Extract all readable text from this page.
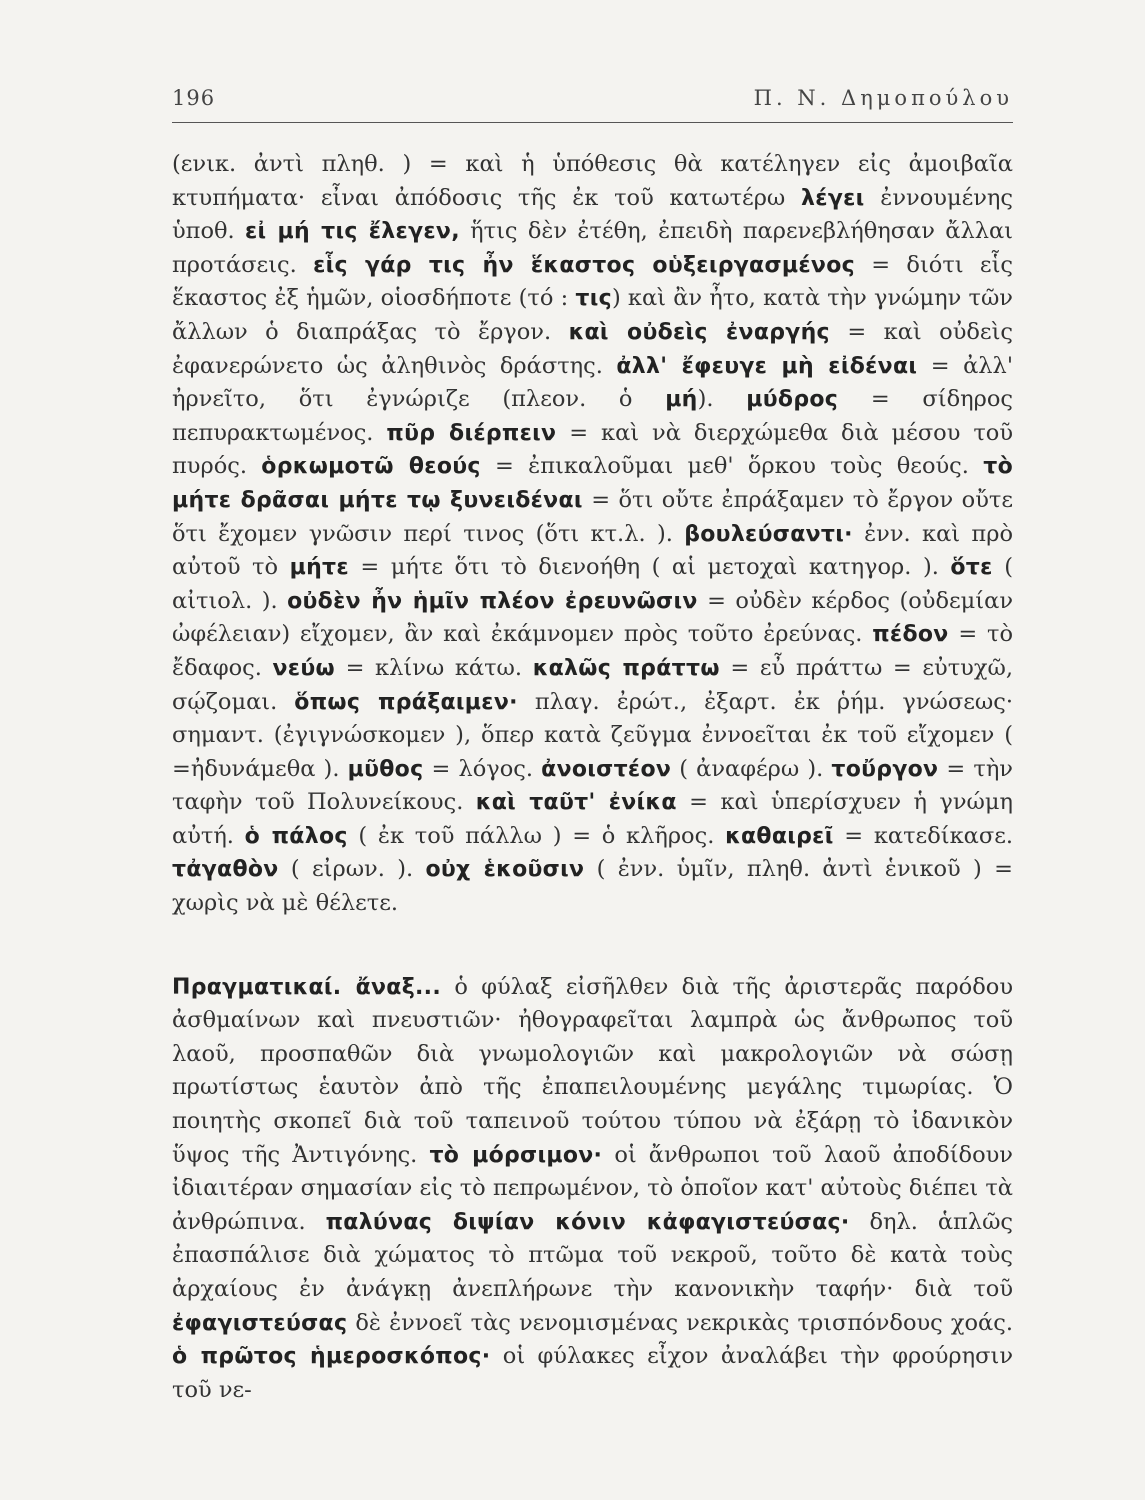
196	Π. Ν. Δημοπούλου

(ενικ. ἀντὶ πληθ. ) = καὶ ἡ ὑπόθεσις θὰ κατέληγεν εἰς ἀμοιβαῖα κτυπήματα· εἶναι ἀπόδοσις τῆς ἐκ τοῦ κατωτέρω λέγει ἐννουμένης ὑποθ. εἰ μή τις ἔλεγεν, ἥτις δὲν ἐτέθη, ἐπειδὴ παρενεβλήθησαν ἄλλαι προτάσεις. εἷς γάρ τις ἦν ἕκαστος οὑξειργασμένος = διότι εἷς ἕκαστος ἐξ ἡμῶν, οἱοσδήποτε (τό : τις) καὶ ἂν ἦτο, κατὰ τὴν γνώμην τῶν ἄλλων ὁ διαπράξας τὸ ἔργον. καὶ οὐδεὶς ἐναργής = καὶ οὐδεὶς ἐφανερώνετο ὡς ἀληθινὸς δράστης. ἀλλ' ἔφευγε μὴ εἰδέναι = ἀλλ' ἠρνεῖτο, ὅτι ἐγνώριζε (πλεον. ὁ μή). μύδρος = σίδηρος πεπυρακτωμένος. πῦρ διέρπειν = καὶ νὰ διερχώμεθα διὰ μέσου τοῦ πυρός. ὁρκωμοτῶ θεούς = ἐπικαλοῦμαι μεθ' ὅρκου τοὺς θεούς. τὸ μήτε δρᾶσαι μήτε τῳ ξυνειδέναι = ὅτι οὔτε ἐπράξαμεν τὸ ἔργον οὔτε ὅτι ἔχομεν γνῶσιν περί τινος (ὅτι κτ.λ. ). βουλεύσαντι· ἐνν. καὶ πρὸ αὐτοῦ τὸ μήτε = μήτε ὅτι τὸ διενοήθη ( αἱ μετοχαὶ κατηγορ. ). ὅτε ( αἰτιολ. ). οὐδὲν ἦν ἡμῖν πλέον ἐρευνῶσιν = οὐδὲν κέρδος (οὐδεμίαν ὠφέλειαν) εἴχομεν, ἂν καὶ ἐκάμνομεν πρὸς τοῦτο ἐρεύνας. πέδον = τὸ ἔδαφος. νεύω = κλίνω κάτω. καλῶς πράττω = εὖ πράττω = εὐτυχῶ, σῴζομαι. ὅπως πράξαιμεν· πλαγ. ἐρώτ., ἐξαρτ. ἐκ ῥήμ. γνώσεως· σημαντ. (ἐγιγνώσκομεν ), ὅπερ κατὰ ζεῦγμα ἐννοεῖται ἐκ τοῦ εἴχομεν ( =ἠδυνάμεθα ). μῦθος = λόγος. ἀνοιστέον ( ἀναφέρω ). τοὔργον = τὴν ταφὴν τοῦ Πολυνείκους. καὶ ταῦτ' ἐνίκα = καὶ ὑπερίσχυεν ἡ γνώμη αὐτή. ὁ πάλος ( ἐκ τοῦ πάλλω ) = ὁ κλῆρος. καθαιρεῖ = κατεδίκασε. τἀγαθὸν ( εἰρων. ). οὐχ ἑκοῦσιν ( ἐνν. ὑμῖν, πληθ. ἀντὶ ἑνικοῦ ) = χωρὶς νὰ μὲ θέλετε.

Πραγματικαί. ἄναξ... ὁ φύλαξ εἰσῆλθεν διὰ τῆς ἀριστερᾶς παρόδου ἀσθμαίνων καὶ πνευστιῶν· ἠθογραφεῖται λαμπρὰ ὡς ἄνθρωπος τοῦ λαοῦ, προσπαθῶν διὰ γνωμολογιῶν καὶ μακρολογιῶν νὰ σώσῃ πρωτίστως ἑαυτὸν ἀπὸ τῆς ἐπαπειλουμένης μεγάλης τιμωρίας. Ὁ ποιητὴς σκοπεῖ διὰ τοῦ ταπεινοῦ τούτου τύπου νὰ ἐξάρῃ τὸ ἰδανικὸν ὕψος τῆς Ἀντιγόνης. τὸ μόρσιμον· οἱ ἄνθρωποι τοῦ λαοῦ ἀποδίδουν ἰδιαιτέραν σημασίαν εἰς τὸ πεπρωμένον, τὸ ὁποῖον κατ' αὐτοὺς διέπει τὰ ἀνθρώπινα. παλύνας διψίαν κόνιν κἀφαγιστεύσας· δηλ. ἁπλῶς ἐπασπάλισε διὰ χώματος τὸ πτῶμα τοῦ νεκροῦ, τοῦτο δὲ κατὰ τοὺς ἀρχαίους ἐν ἀνάγκῃ ἀνεπλήρωνε τὴν κανονικὴν ταφήν· διὰ τοῦ ἐφαγιστεύσας δὲ ἐννοεῖ τὰς νενομισμένας νεκρικὰς τρισπόνδους χοάς. ὁ πρῶτος ἡμεροσκόπος· οἱ φύλακες εἶχον ἀναλάβει τὴν φρούρησιν τοῦ νε-
